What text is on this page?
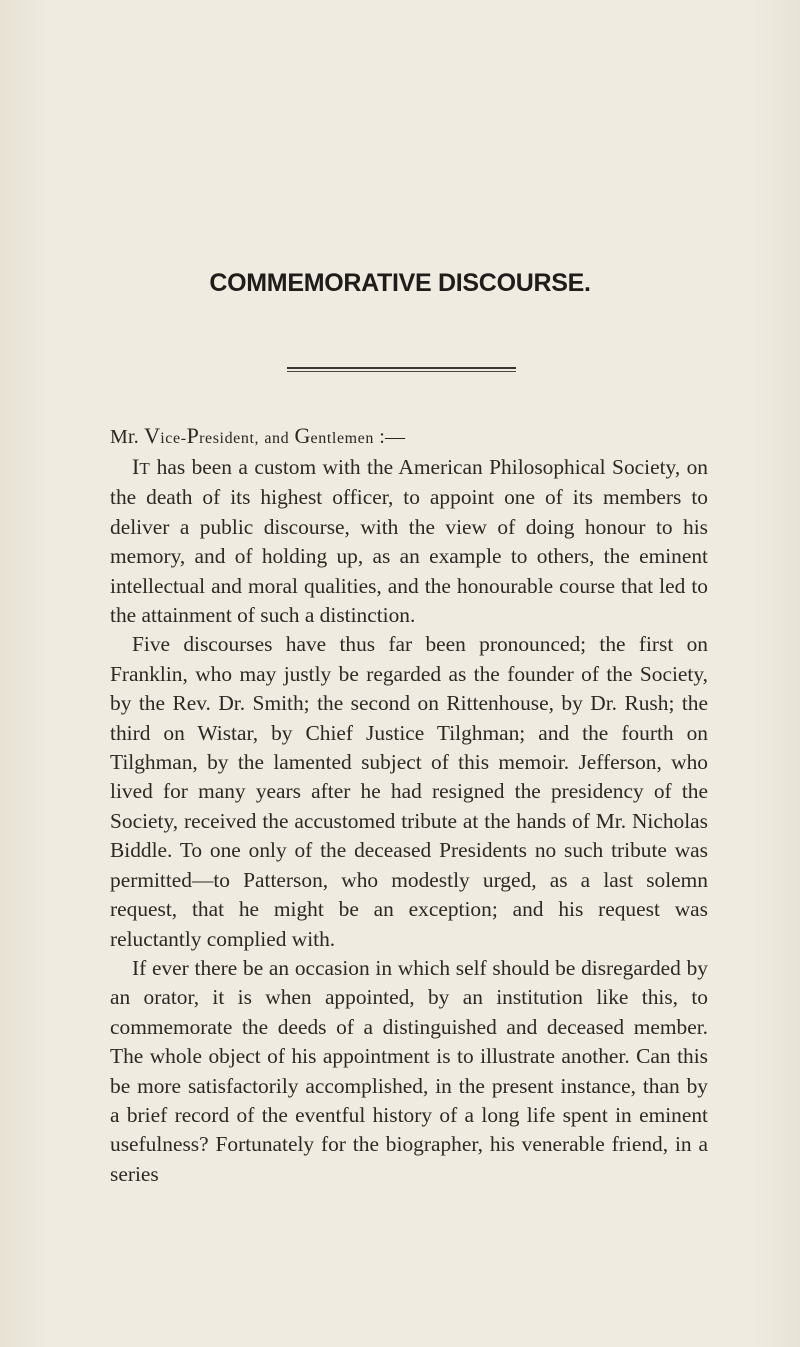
COMMEMORATIVE DISCOURSE.
Mr. Vice-President, and Gentlemen :—

IT has been a custom with the American Philosophical Society, on the death of its highest officer, to appoint one of its members to deliver a public discourse, with the view of doing honour to his memory, and of holding up, as an example to others, the eminent intellectual and moral qualities, and the honourable course that led to the attainment of such a distinction.

Five discourses have thus far been pronounced; the first on Franklin, who may justly be regarded as the founder of the Society, by the Rev. Dr. Smith; the second on Rittenhouse, by Dr. Rush; the third on Wistar, by Chief Justice Tilghman; and the fourth on Tilghman, by the lamented subject of this memoir. Jefferson, who lived for many years after he had resigned the presidency of the Society, received the accustomed tribute at the hands of Mr. Nicholas Biddle. To one only of the deceased Presidents no such tribute was permitted—to Patterson, who modestly urged, as a last solemn request, that he might be an exception; and his request was reluctantly complied with.

If ever there be an occasion in which self should be disregarded by an orator, it is when appointed, by an institution like this, to commemorate the deeds of a distinguished and deceased member. The whole object of his appointment is to illustrate another. Can this be more satisfactorily accomplished, in the present instance, than by a brief record of the eventful history of a long life spent in eminent usefulness? Fortunately for the biographer, his venerable friend, in a series
